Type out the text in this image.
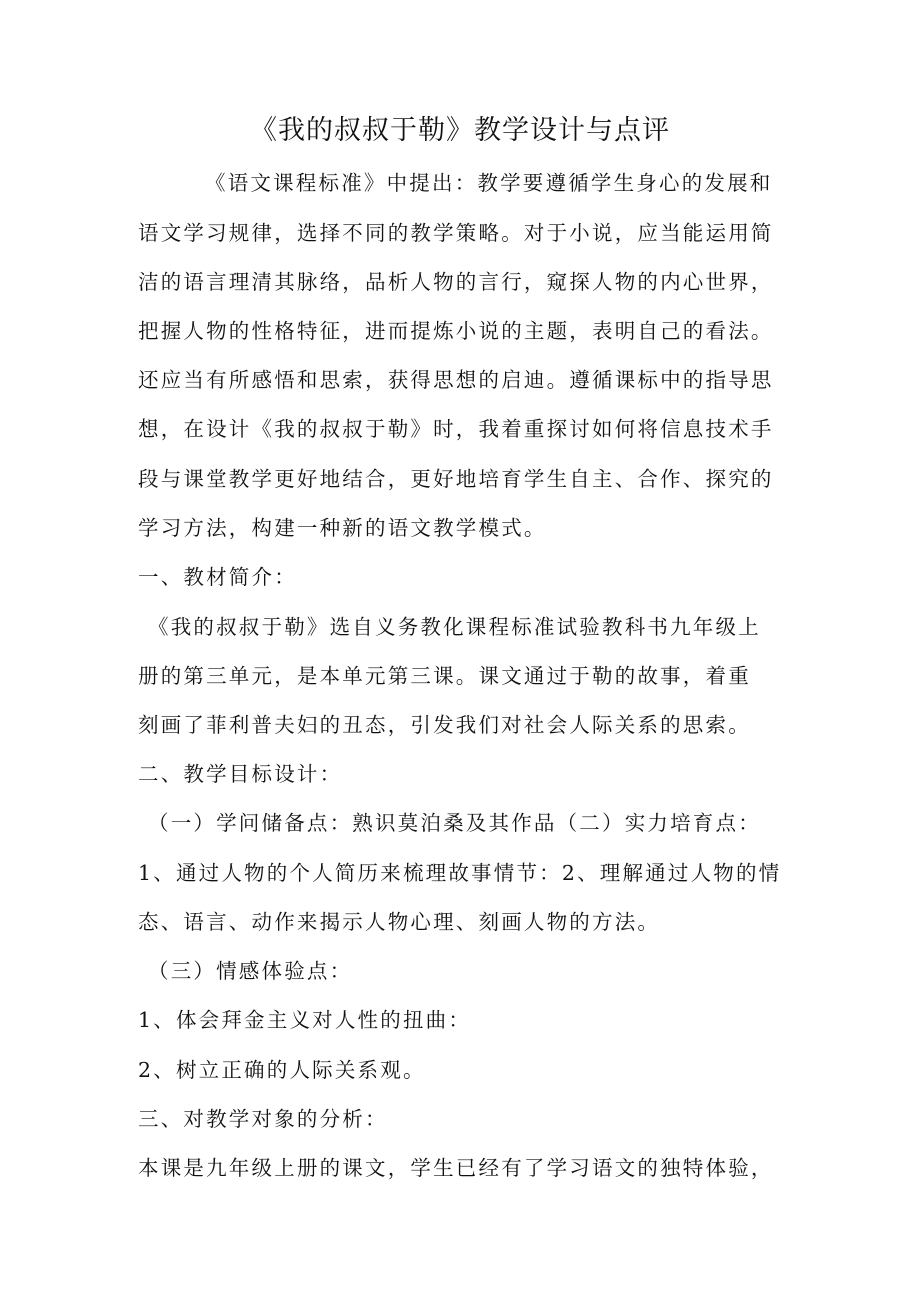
《我的叔叔于勒》教学设计与点评

《语文课程标准》中提出：教学要遵循学生身心的发展和

语文学习规律，选择不同的教学策略。对于小说，应当能运用简

洁的语言理清其脉络，品析人物的言行，窥探人物的内心世界，

把握人物的性格特征，进而提炼小说的主题，表明自己的看法。

还应当有所感悟和思索，获得思想的启迪。遵循课标中的指导思

想，在设计《我的叔叔于勒》时，我着重探讨如何将信息技术手

段与课堂教学更好地结合，更好地培育学生自主、合作、探究的

学习方法，构建一种新的语文教学模式。

一、教材简介：

《我的叔叔于勒》选自义务教化课程标准试验教科书九年级上

册的第三单元，是本单元第三课。课文通过于勒的故事，着重

刻画了菲利普夫妇的丑态，引发我们对社会人际关系的思索。

二、教学目标设计：

（一）学问储备点：熟识莫泊桑及其作品（二）实力培育点：

1、通过人物的个人简历来梳理故事情节：2、理解通过人物的情

态、语言、动作来揭示人物心理、刻画人物的方法。

（三）情感体验点：

1、体会拜金主义对人性的扭曲：

2、树立正确的人际关系观。

三、对教学对象的分析：

本课是九年级上册的课文，学生已经有了学习语文的独特体验，
